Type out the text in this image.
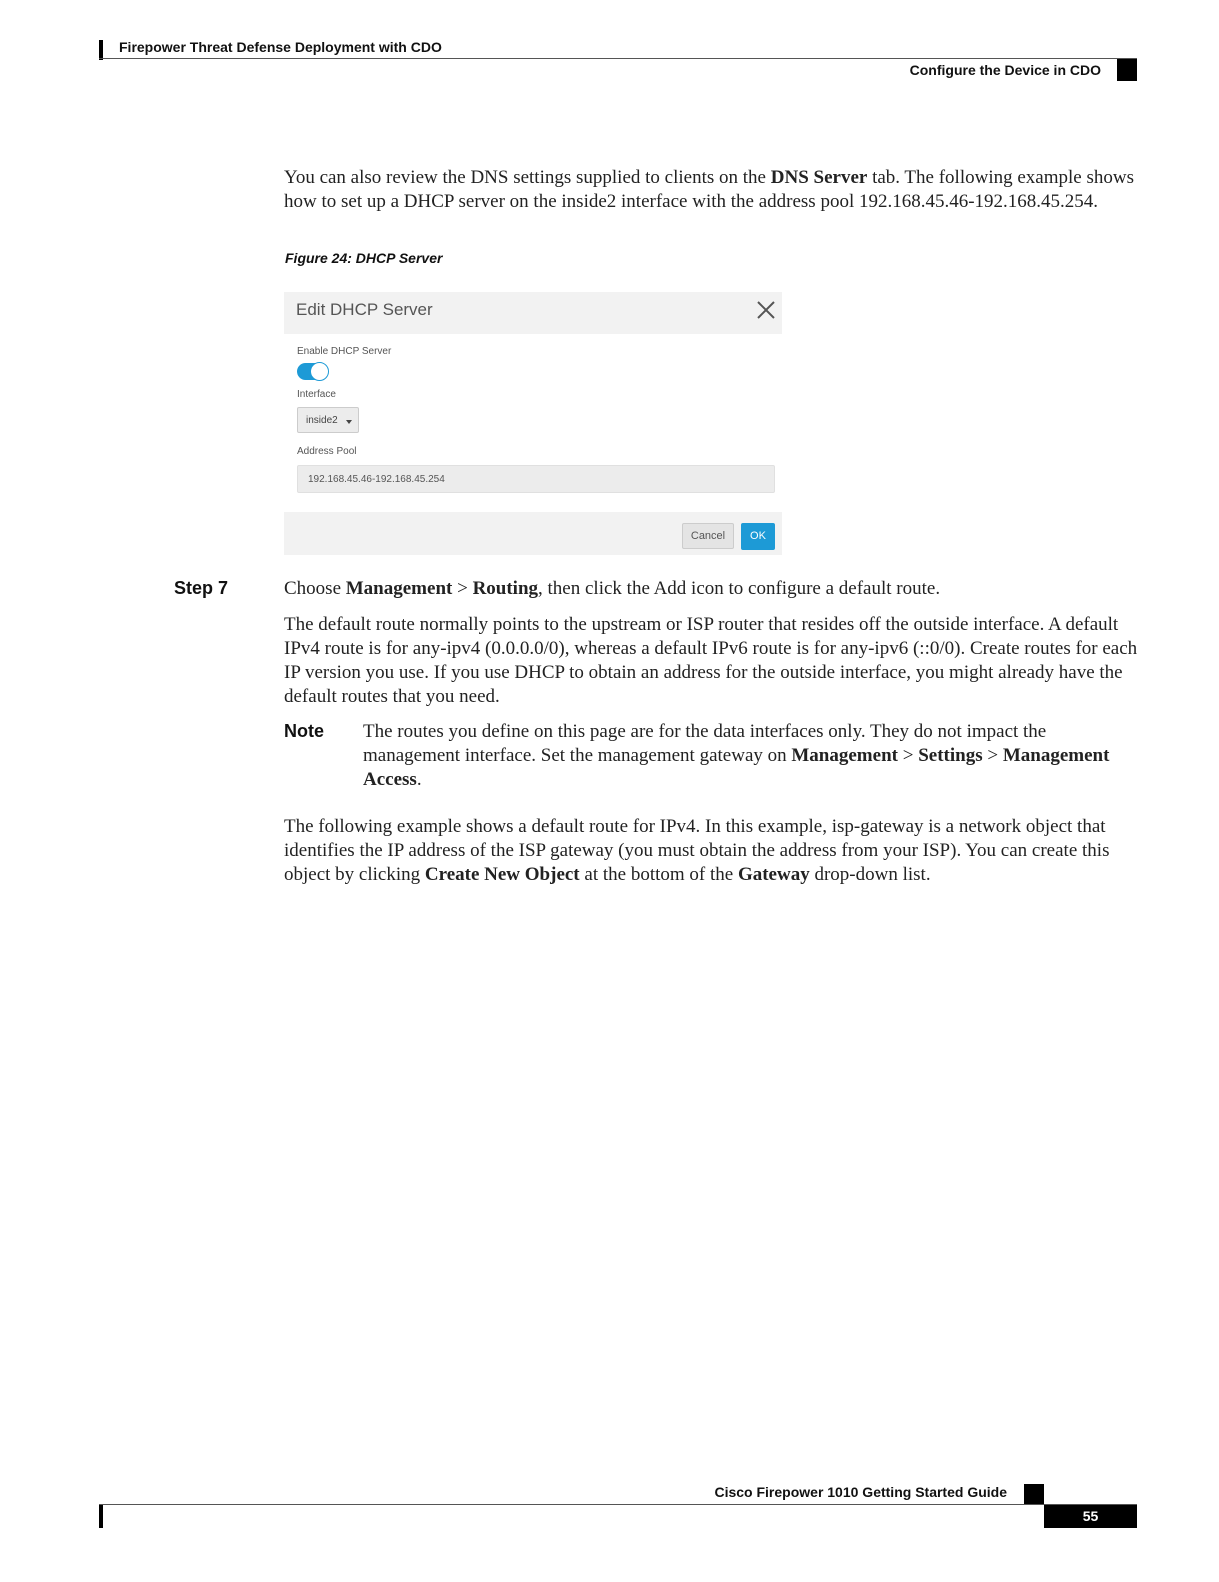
Firepower Threat Defense Deployment with CDO
Configure the Device in CDO
You can also review the DNS settings supplied to clients on the DNS Server tab. The following example shows how to set up a DHCP server on the inside2 interface with the address pool 192.168.45.46-192.168.45.254.
Figure 24: DHCP Server
Edit DHCP Server
Enable DHCP Server
Interface
inside2
Address Pool
192.168.45.46-192.168.45.254
Cancel	OK
Step 7	Choose Management > Routing, then click the Add icon to configure a default route.
The default route normally points to the upstream or ISP router that resides off the outside interface. A default IPv4 route is for any-ipv4 (0.0.0.0/0), whereas a default IPv6 route is for any-ipv6 (::0/0). Create routes for each IP version you use. If you use DHCP to obtain an address for the outside interface, you might already have the default routes that you need.
Note The routes you define on this page are for the data interfaces only. They do not impact the management interface. Set the management gateway on Management > Settings > Management Access.
The following example shows a default route for IPv4. In this example, isp-gateway is a network object that identifies the IP address of the ISP gateway (you must obtain the address from your ISP). You can create this object by clicking Create New Object at the bottom of the Gateway drop-down list.
Cisco Firepower 1010 Getting Started Guide
55
